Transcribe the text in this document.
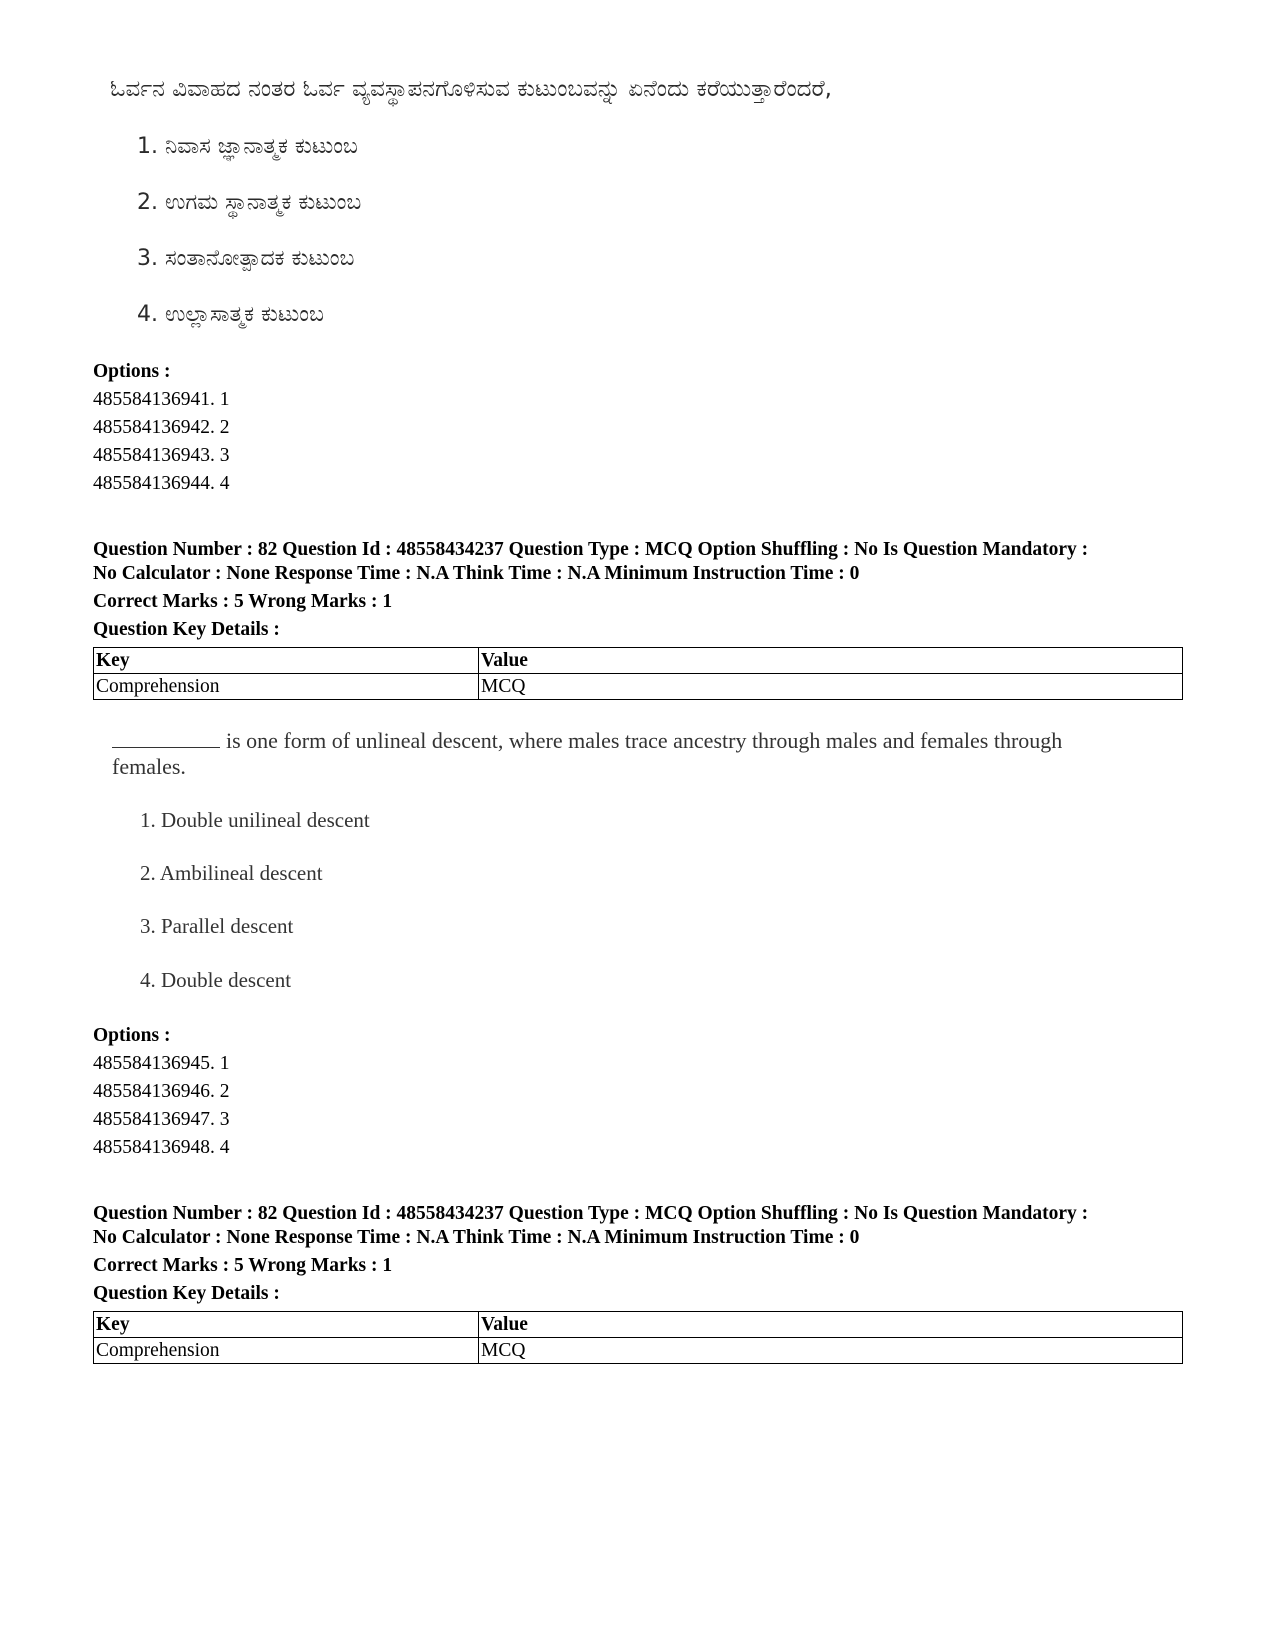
ಓರ್ವನ ವಿವಾಹದ ನಂತರ ಓರ್ವ ವ್ಯವಸ್ಥಾಪನಗೊಳಿಸುವ ಕುಟುಂಬವನ್ನು ಏನೆಂದು ಕರೆಯುತ್ತಾರೆಂದರೆ,
1. ನಿವಾಸ ಜ್ಞಾನಾತ್ಮಕ ಕುಟುಂಬ
2. ಉಗಮ ಸ್ಥಾನಾತ್ಮಕ ಕುಟುಂಬ
3. ಸಂತಾನೋತ್ಪಾದಕ ಕುಟುಂಬ
4. ಉಲ್ಲಾಸಾತ್ಮಕ ಕುಟುಂಬ
Options :
485584136941. 1
485584136942. 2
485584136943. 3
485584136944. 4
Question Number : 82 Question Id : 48558434237 Question Type : MCQ Option Shuffling : No Is Question Mandatory :
No Calculator : None Response Time : N.A Think Time : N.A Minimum Instruction Time : 0
Correct Marks : 5 Wrong Marks : 1
Question Key Details :
Key	Value
Comprehension	MCQ
is one form of unlineal descent, where males trace ancestry through males and females through
females.
1. Double unilineal descent
2. Ambilineal descent
3. Parallel descent
4. Double descent
Options :
485584136945. 1
485584136946. 2
485584136947. 3
485584136948. 4
Question Number : 82 Question Id : 48558434237 Question Type : MCQ Option Shuffling : No Is Question Mandatory :
No Calculator : None Response Time : N.A Think Time : N.A Minimum Instruction Time : 0
Correct Marks : 5 Wrong Marks : 1
Question Key Details :
Key	Value
Comprehension	MCQ
